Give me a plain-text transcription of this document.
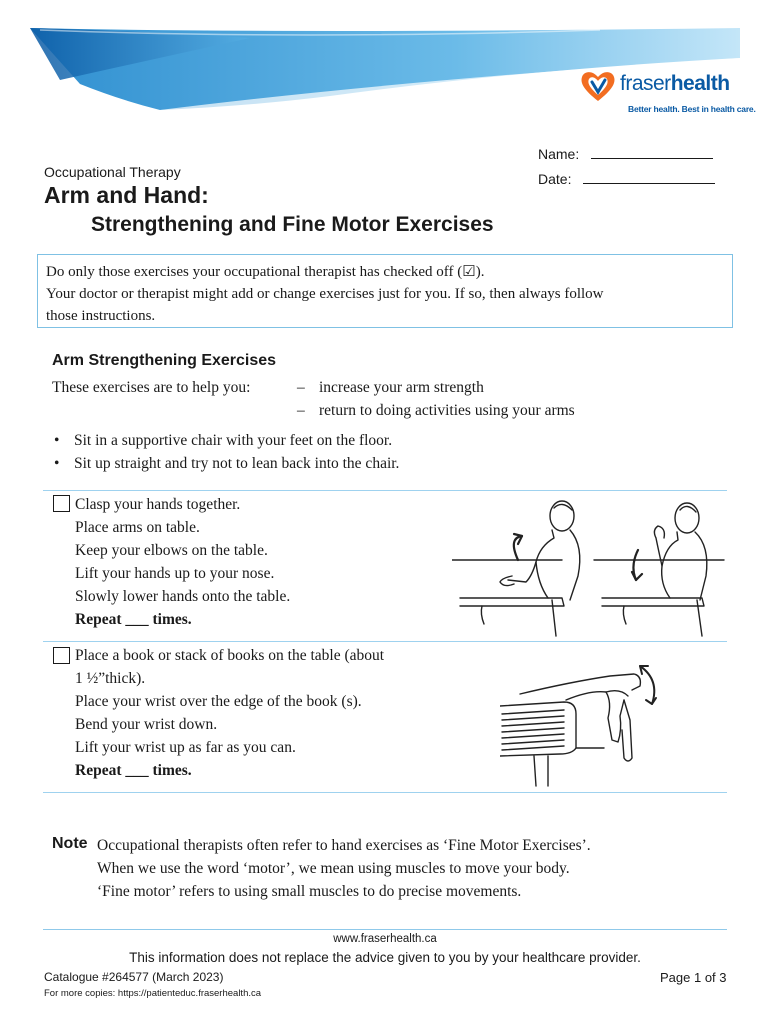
fraserhealth
Better health. Best in health care.
Name:
Date:
Occupational Therapy
Arm and Hand:
Strengthening and Fine Motor Exercises
Do only those exercises your occupational therapist has checked off (☑).
Your doctor or therapist might add or change exercises just for you. If so, then always follow
those instructions.
Arm Strengthening Exercises
These exercises are to help you:	– increase your arm strength
– return to doing activities using your arms
• Sit in a supportive chair with your feet on the floor.
• Sit up straight and try not to lean back into the chair.
Clasp your hands together.
Place arms on table.
Keep your elbows on the table.
Lift your hands up to your nose.
Slowly lower hands onto the table.
Repeat ___ times.
Place a book or stack of books on the table (about
1 ½”thick).
Place your wrist over the edge of the book (s).
Bend your wrist down.
Lift your wrist up as far as you can.
Repeat ___ times.
Note Occupational therapists often refer to hand exercises as ‘Fine Motor Exercises’.
When we use the word ‘motor’, we mean using muscles to move your body.
‘Fine motor’ refers to using small muscles to do precise movements.
www.fraserhealth.ca
This information does not replace the advice given to you by your healthcare provider.
Catalogue #264577 (March 2023)	Page 1 of 3
For more copies: https://patienteduc.fraserhealth.ca
